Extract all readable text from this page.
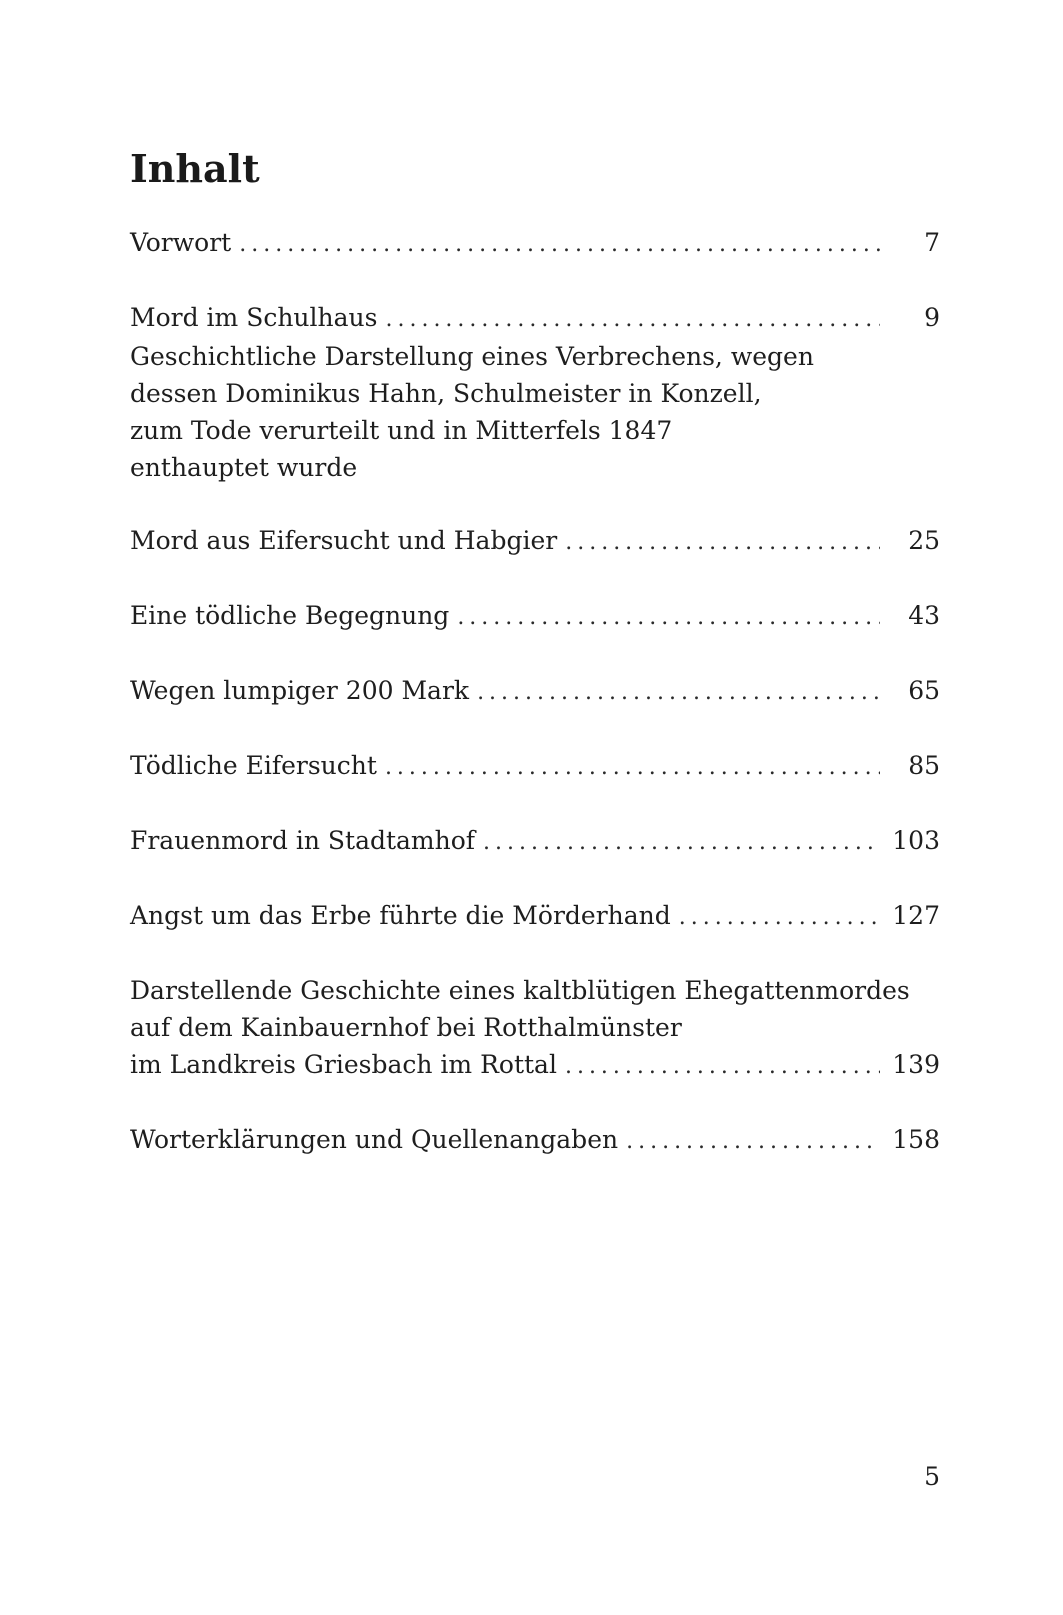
Inhalt
Vorwort .....	7
Mord im Schulhaus .....	9
Geschichtliche Darstellung eines Verbrechens, wegen
dessen Dominikus Hahn, Schulmeister in Konzell,
zum Tode verurteilt und in Mitterfels 1847
enthauptet wurde
Mord aus Eifersucht und Habgier .....	25
Eine tödliche Begegnung .....	43
Wegen lumpiger 200 Mark .....	65
Tödliche Eifersucht .....	85
Frauenmord in Stadtamhof .....	103
Angst um das Erbe führte die Mörderhand .....	127
Darstellende Geschichte eines kaltblütigen Ehegattenmordes
auf dem Kainbauernhof bei Rotthalmünster
im Landkreis Griesbach im Rottal .....	139
Worterklärungen und Quellenangaben .....	158
5
